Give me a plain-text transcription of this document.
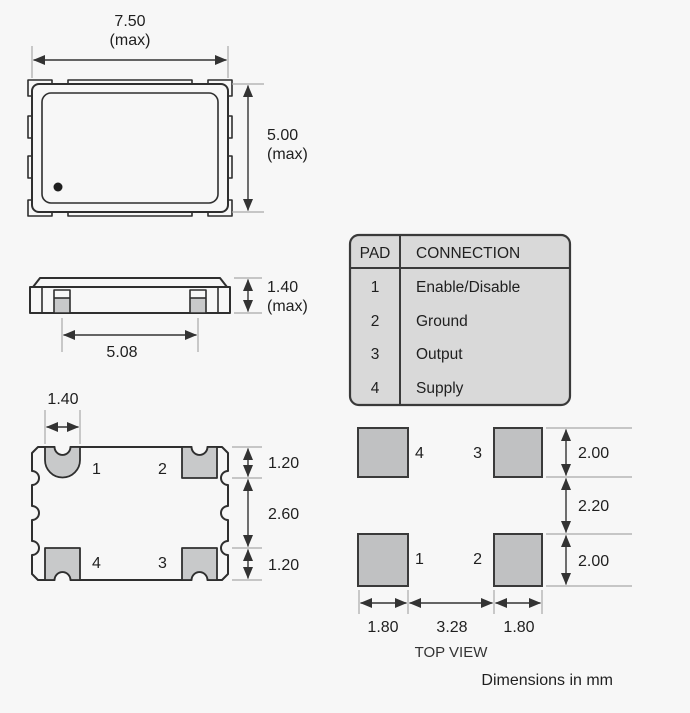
7.50
(max)
5.00
(max)
1.40
(max)
5.08
1	2
4	3
1.40
1.20
2.60
1.20
PAD CONNECTION
1 Enable/Disable
2 Ground
3 Output
4 Supply
4	3
1	2
2.00
2.20
2.00
1.80 3.28 1.80
TOP VIEW
Dimensions in mm
